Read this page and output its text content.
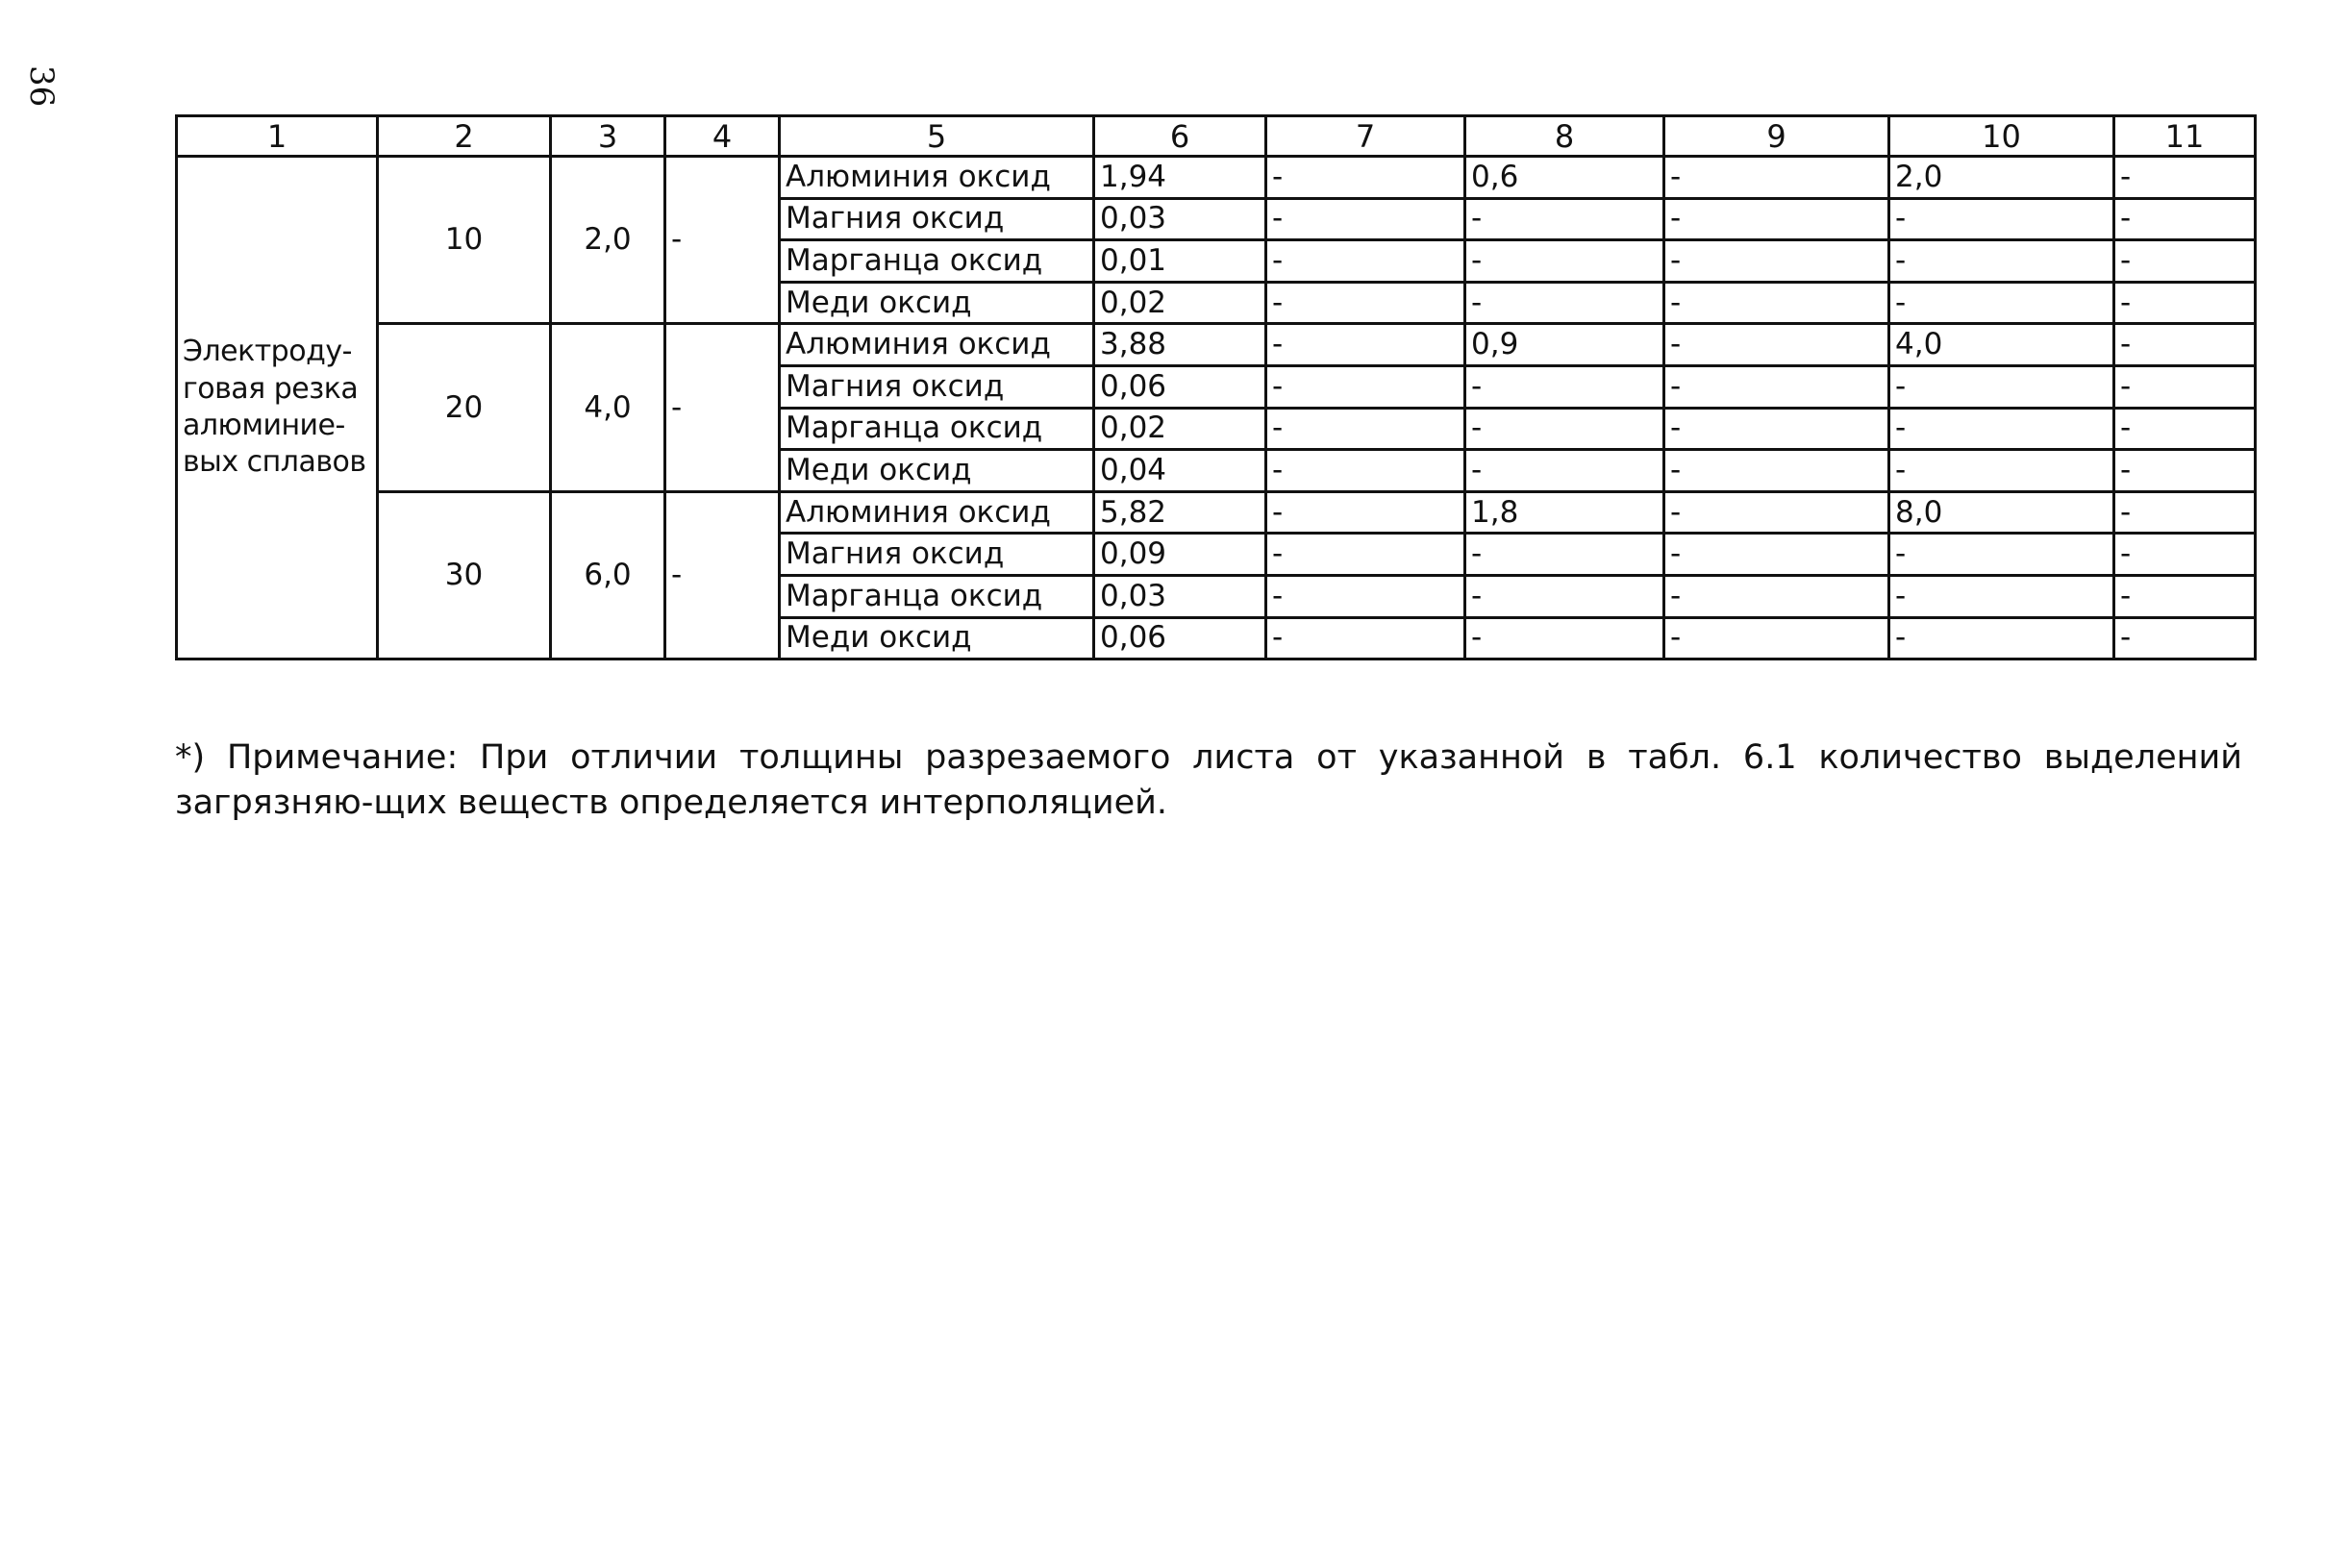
36
1	2	3	4	5	6	7	8	9	10	11
Электроду-говая резка алюминие-вых сплавов	10	2,0	-	Алюминия оксид	1,94	-	0,6	-	2,0	-
				Магния оксид	0,03	-	-	-	-	-
				Марганца оксид	0,01	-	-	-	-	-
				Меди оксид	0,02	-	-	-	-	-
	20	4,0	-	Алюминия оксид	3,88	-	0,9	-	4,0	-
				Магния оксид	0,06	-	-	-	-	-
				Марганца оксид	0,02	-	-	-	-	-
				Меди оксид	0,04	-	-	-	-	-
	30	6,0	-	Алюминия оксид	5,82	-	1,8	-	8,0	-
				Магния оксид	0,09	-	-	-	-	-
				Марганца оксид	0,03	-	-	-	-	-
				Меди оксид	0,06	-	-	-	-	-
*) Примечание: При отличии толщины разрезаемого листа от указанной в табл. 6.1 количество выделений загрязняю-щих веществ определяется интерполяцией.
